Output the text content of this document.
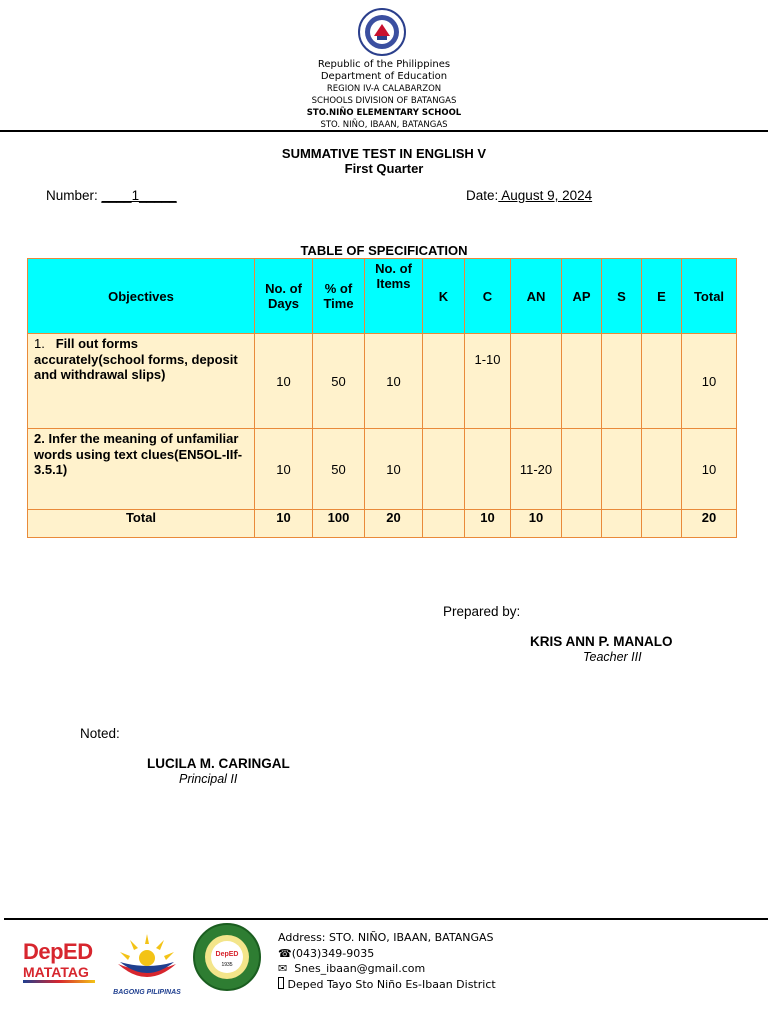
Republic of the Philippines
Department of Education
REGION IV-A CALABARZON
SCHOOLS DIVISION OF BATANGAS
STO.NIÑO ELEMENTARY SCHOOL
STO. NIÑO, IBAAN, BATANGAS
SUMMATIVE TEST IN ENGLISH V
First Quarter
Number: ____1_____	Date: August 9, 2024
TABLE OF SPECIFICATION
Objectives	No. of Days	% of Time	No. of Items	K	C	AN	AP	S	E	Total
1. Fill out forms accurately(school forms, deposit and withdrawal slips)	10	50	10		1-10					10
2. Infer the meaning of unfamiliar words using text clues(EN5OL-IIf-3.5.1)	10	50	10			11-20				10
Total	10	100	20		10	10				20
Prepared by:
KRIS ANN P. MANALO
Teacher III
Noted:
LUCILA M. CARINGAL
Principal II
DepED
MATATAG
BAGONG PILIPINAS
DepED
1935
Address: STO. NIÑO, IBAAN, BATANGAS
☎(043)349-9035
✉ Snes_ibaan@gmail.com
Deped Tayo Sto Niño Es-Ibaan District
